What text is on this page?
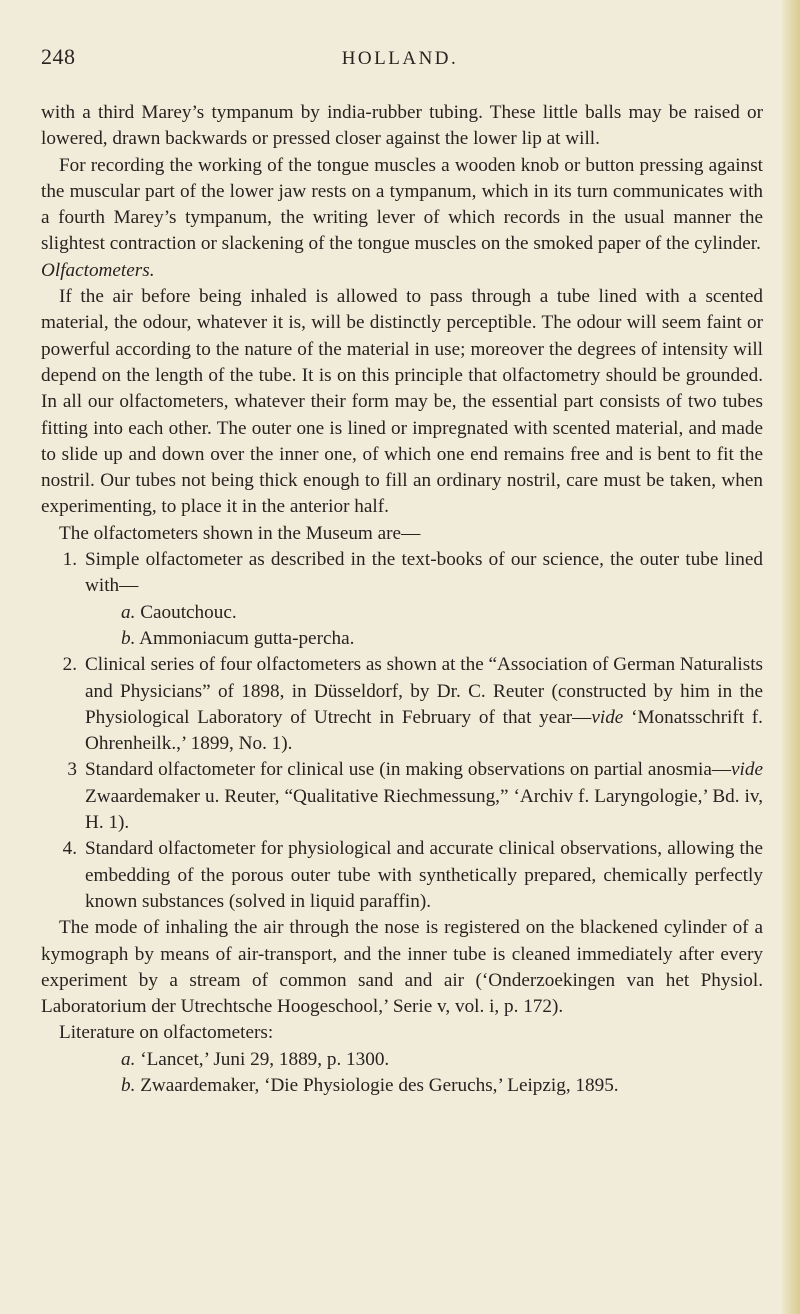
248	HOLLAND.

with a third Marey’s tympanum by india-rubber tubing. These little balls may be raised or lowered, drawn backwards or pressed closer against the lower lip at will.

For recording the working of the tongue muscles a wooden knob or button pressing against the muscular part of the lower jaw rests on a tympanum, which in its turn communicates with a fourth Marey’s tympanum, the writing lever of which records in the usual manner the slightest contraction or slackening of the tongue muscles on the smoked paper of the cylinder.

Olfactometers.

If the air before being inhaled is allowed to pass through a tube lined with a scented material, the odour, whatever it is, will be distinctly perceptible. The odour will seem faint or powerful according to the nature of the material in use; moreover the degrees of intensity will depend on the length of the tube. It is on this principle that olfactometry should be grounded. In all our olfactometers, whatever their form may be, the essential part consists of two tubes fitting into each other. The outer one is lined or impregnated with scented material, and made to slide up and down over the inner one, of which one end remains free and is bent to fit the nostril. Our tubes not being thick enough to fill an ordinary nostril, care must be taken, when experimenting, to place it in the anterior half.

The olfactometers shown in the Museum are—

1. Simple olfactometer as described in the text-books of our science, the outer tube lined with—

a. Caoutchouc.

b. Ammoniacum gutta-percha.

2. Clinical series of four olfactometers as shown at the “Association of German Naturalists and Physicians” of 1898, in Düsseldorf, by Dr. C. Reuter (constructed by him in the Physiological Laboratory of Utrecht in February of that year—vide ‘Monatsschrift f. Ohrenheilk.,’ 1899, No. 1).
3 Standard olfactometer for clinical use (in making observations on partial anosmia—vide Zwaardemaker u. Reuter, “Qualitative Riechmessung,” ‘Archiv f. Laryngologie,’ Bd. iv, H. 1).
4. Standard olfactometer for physiological and accurate clinical observations, allowing the embedding of the porous outer tube with synthetically prepared, chemically perfectly known substances (solved in liquid paraffin).

The mode of inhaling the air through the nose is registered on the blackened cylinder of a kymograph by means of air-transport, and the inner tube is cleaned immediately after every experiment by a stream of common sand and air (‘Onderzoekingen van het Physiol. Laboratorium der Utrechtsche Hoogeschool,’ Serie v, vol. i, p. 172).

Literature on olfactometers:

a. ‘Lancet,’ Juni 29, 1889, p. 1300.

b. Zwaardemaker, ‘Die Physiologie des Geruchs,’ Leipzig, 1895.
